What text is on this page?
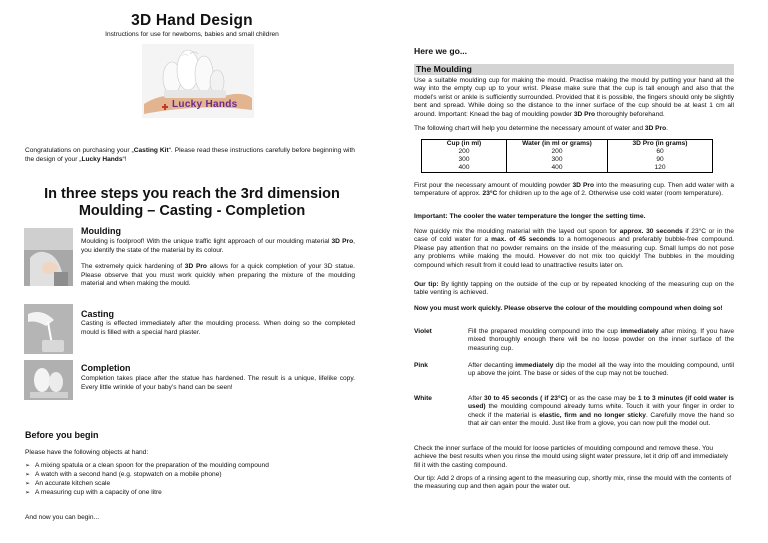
3D Hand Design
Instructions for use for newborns, babies and small children
Lucky Hands
Congratulations on purchasing your „Casting Kit“. Please read these instructions carefully before beginning with the design of your „Lucky Hands“!
In three steps you reach the 3rd dimension
Moulding – Casting - Completion
Moulding

Moulding is foolproof! With the unique traffic light approach of our moulding material 3D Pro, you identify the state of the material by its colour.

The extremely quick hardening of 3D Pro allows for a quick completion of your 3D statue. Please observe that you must work quickly when preparing the mixture of the moulding material and when making the mould.

Casting
Casting is effected immediately after the moulding process. When doing so the completed mould is filled with a special hard plaster.
Completion
Completion takes place after the statue has hardened. The result is a unique, lifelike copy. Every little wrinkle of your baby’s hand can be seen!
Before you begin
Please have the following objects at hand:
➢ A mixing spatula or a clean spoon for the preparation of the moulding compound
➢ A watch with a second hand (e.g. stopwatch on a mobile phone)
➢ An accurate kitchen scale
➢ A measuring cup with a capacity of one litre
And now you can begin...
Here we go...
The Moulding

Use a suitable moulding cup for making the mould. Practise making the mould by putting your hand all the way into the empty cup up to your wrist. Please make sure that the cup is tall enough and also that the model’s wrist or ankle is sufficiently surrounded. Provided that it is possible, the fingers should only be slightly bent and spread. While doing so the distance to the inner surface of the cup should be at least 1 cm all around. Important: Knead the bag of moulding powder 3D Pro thoroughly beforehand.

The following chart will help you determine the necessary amount of water and 3D Pro.

Cup (in ml)	Water (in ml or grams)	3D Pro (in grams)
200	200	60
300	300	90
400	400	120

First pour the necessary amount of moulding powder 3D Pro into the measuring cup. Then add water with a temperature of approx. 23°C for children up to the age of 2. Otherwise use cold water (room temperature).

Important: The cooler the water temperature the longer the setting time.

Now quickly mix the moulding material with the layed out spoon for approx. 30 seconds if 23°C or in the case of cold water for a max. of 45 seconds to a homogeneous and preferably bubble-free compound. Please pay attention that no powder remains on the inside of the measuring cup. Small lumps do not pose any problems while making the mould. However do not mix too quickly! The bubbles in the moulding compound which result from it could lead to unattractive results later on.

Our tip: By lightly tapping on the outside of the cup or by repeated knocking of the measuring cup on the table venting is achieved.

Now you must work quickly. Please observe the colour of the moulding compound when doing so!
Violet	Fill the prepared moulding compound into the cup immediately after mixing. If you have mixed thoroughly enough there will be no loose powder on the inner surface of the measuring cup.
Pink	After decanting immediately dip the model all the way into the moulding compound, until up above the joint. The base or sides of the cup may not be touched.
White	After 30 to 45 seconds ( if 23°C) or as the case may be 1 to 3 minutes (if cold water is used) the moulding compound already turns white. Touch it with your finger in order to check if the material is elastic, firm and no longer sticky. Carefully move the hand so that air can enter the mould. Just like from a glove, you can now pull the model out.
Check the inner surface of the mould for loose particles of moulding compound and remove these. You achieve the best results when you rinse the mould using slight water pressure, let it drip off and immediately fill it with the casting compound.
Our tip: Add 2 drops of a rinsing agent to the measuring cup, shortly mix, rinse the mould with the contents of the measuring cup and then again pour the water out.
